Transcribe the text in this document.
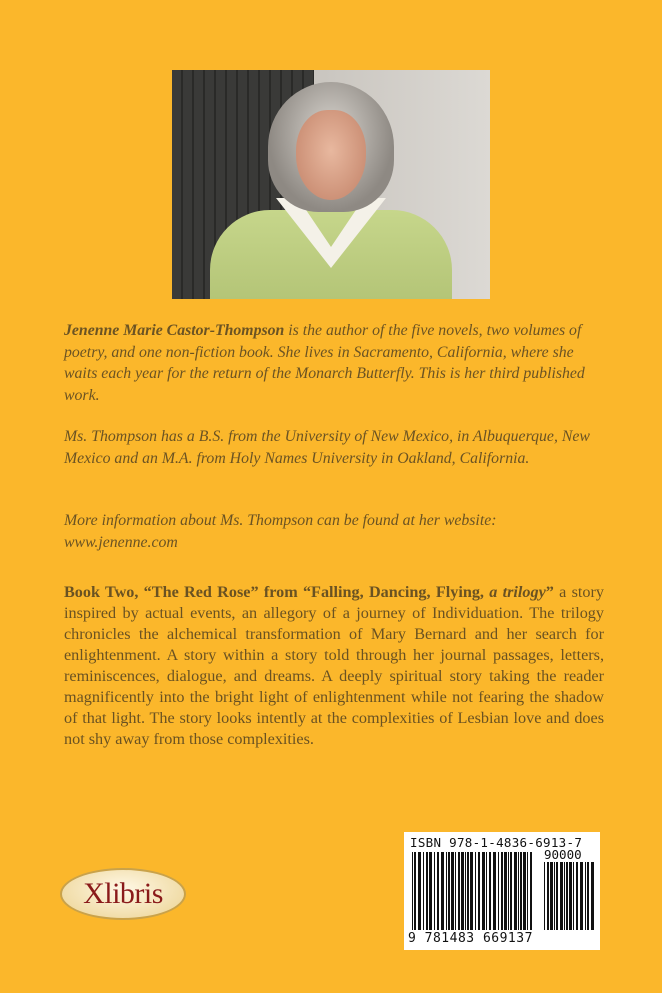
Jenenne Marie Castor-Thompson is the author of the five novels, two volumes of poetry, and one non-fiction book. She lives in Sacramento, California, where she waits each year for the return of the Monarch Butterfly. This is her third published work.

Ms. Thompson has a B.S. from the University of New Mexico, in Albuquerque, New Mexico and an M.A. from Holy Names University in Oakland, California.

More information about Ms. Thompson can be found at her website: www.jenenne.com

Book Two, “The Red Rose” from “Falling, Dancing, Flying, a trilogy” a story inspired by actual events, an allegory of a journey of Individuation. The trilogy chronicles the alchemical transformation of Mary Bernard and her search for enlightenment. A story within a story told through her journal passages, letters, reminiscences, dialogue, and dreams. A deeply spiritual story taking the reader magnificently into the bright light of enlightenment while not fearing the shadow of that light. The story looks intently at the complexities of Lesbian love and does not shy away from those complexities.

Xlibris
ISBN 978-1-4836-6913-7
90000
9 781483 669137
